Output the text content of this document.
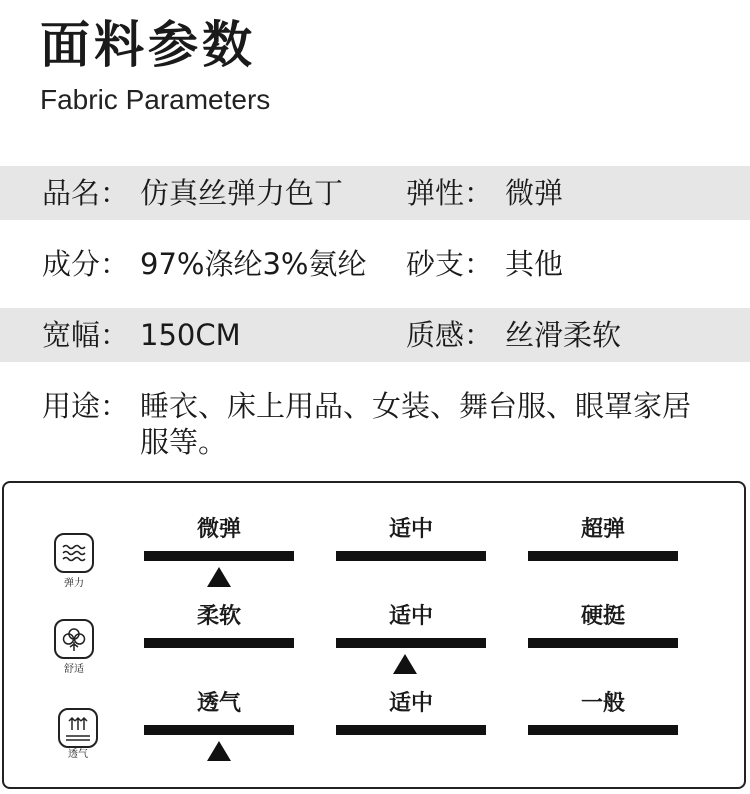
面料参数
Fabric Parameters
品名： 仿真丝弹力色丁 弹性： 微弹
成分： 97%涤纶3%氨纶 砂支： 其他
宽幅： 150CM	质感： 丝滑柔软
用途： 睡衣、床上用品、女装、舞台服、眼罩家居服等。
弹力
微弹	适中	超弹
舒适
柔软	适中	硬挺
透气
透气	适中	一般
